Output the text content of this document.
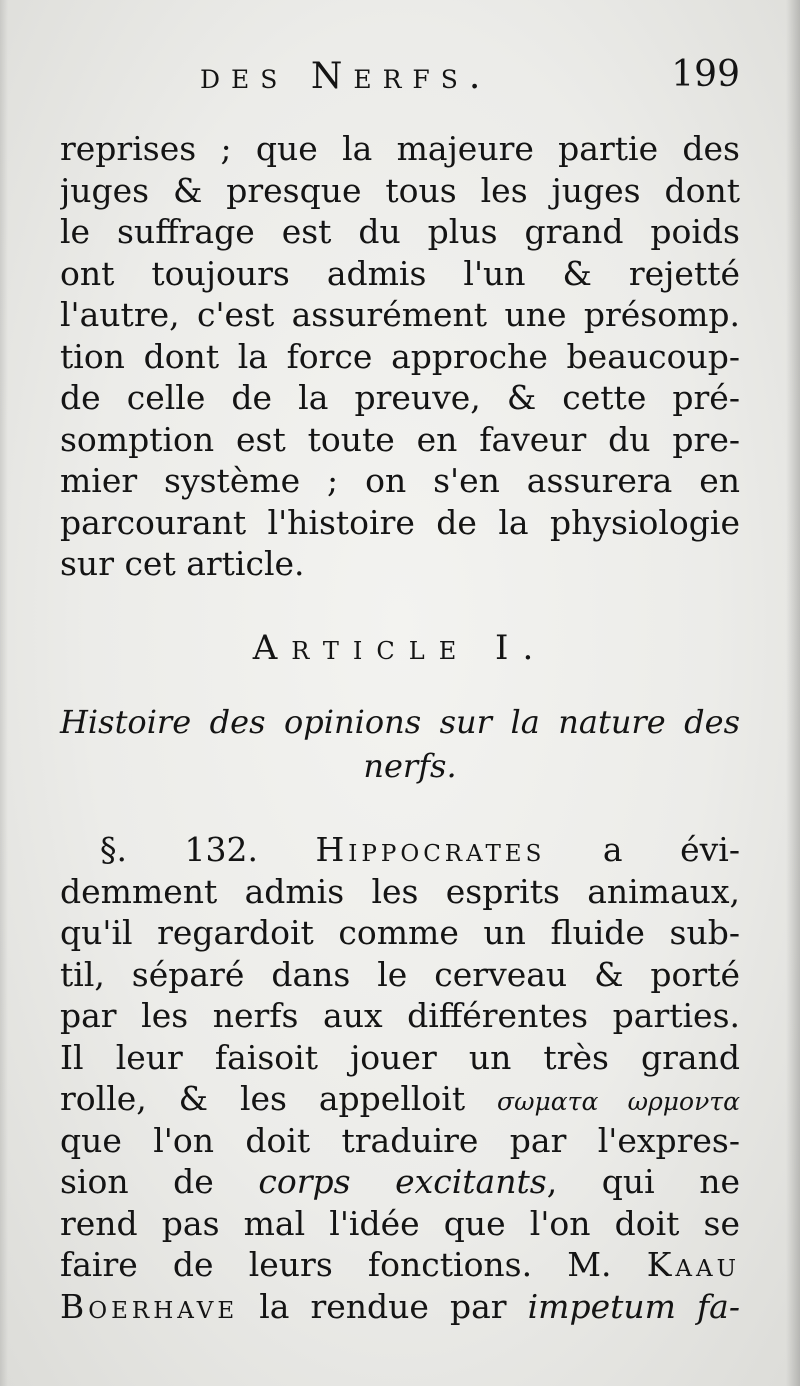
des Nerfs.	199
reprises ; que la majeure partie des
juges & presque tous les juges dont
le suffrage est du plus grand poids
ont toujours admis l'un & rejetté
l'autre, c'est assurément une présomp.
tion dont la force approche beaucoup-
de celle de la preuve, & cette pré-
somption est toute en faveur du pre-
mier système ; on s'en assurera en
parcourant l'histoire de la physiologie
sur cet article.
Article I.
Histoire des opinions sur la nature des
nerfs.
§. 132. Hippocrates a évi-
demment admis les esprits animaux,
qu'il regardoit comme un fluide sub-
til, séparé dans le cerveau & porté
par les nerfs aux différentes parties.
Il leur faisoit jouer un très grand
rolle, & les appelloit σωματα ωρμοντα
que l'on doit traduire par l'expres-
sion de corps excitants, qui ne
rend pas mal l'idée que l'on doit se
faire de leurs fonctions. M. Kaau
Boerhave la rendue par impetum fa-
